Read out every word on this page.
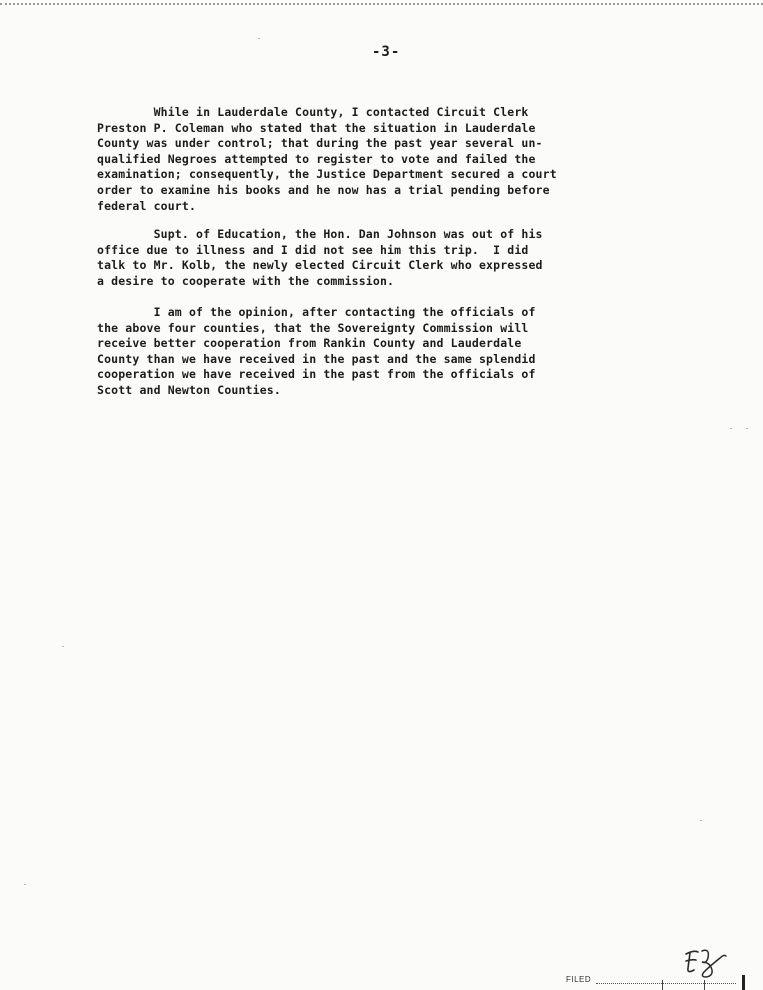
-3-

While in Lauderdale County, I contacted Circuit Clerk
Preston P. Coleman who stated that the situation in Lauderdale
County was under control; that during the past year several un-
qualified Negroes attempted to register to vote and failed the
examination; consequently, the Justice Department secured a court
order to examine his books and he now has a trial pending before
federal court.

Supt. of Education, the Hon. Dan Johnson was out of his
office due to illness and I did not see him this trip.  I did
talk to Mr. Kolb, the newly elected Circuit Clerk who expressed
a desire to cooperate with the commission.

I am of the opinion, after contacting the officials of
the above four counties, that the Sovereignty Commission will
receive better cooperation from Rankin County and Lauderdale
County than we have received in the past and the same splendid
cooperation we have received in the past from the officials of
Scott and Newton Counties.

FILED
